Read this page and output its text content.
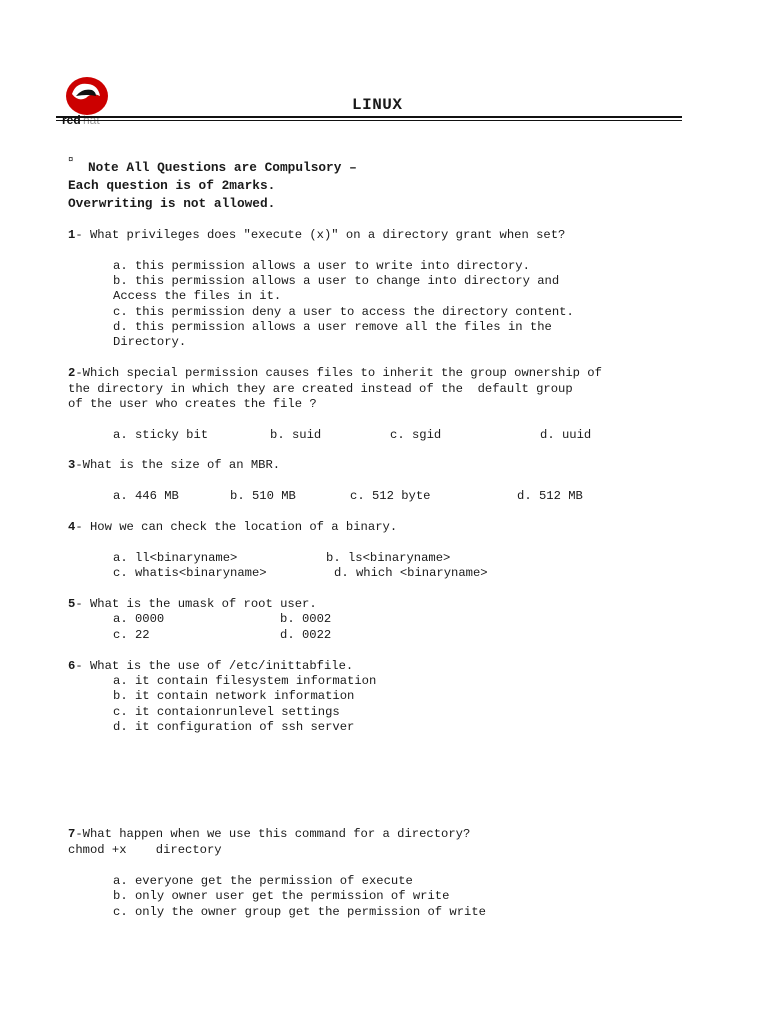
LINUX
¤ Note All Questions are Compulsory –
Each question is of 2marks.
Overwriting is not allowed.
1- What privileges does "execute (x)" on a directory grant when set?
a. this permission allows a user to write into directory.
b. this permission allows a user to change into directory and
Access the files in it.
c. this permission deny a user to access the directory content.
d. this permission allows a user remove all the files in the
Directory.
2-Which special permission causes files to inherit the group ownership of
the directory in which they are created instead of the  default group
of the user who creates the file ?
a. sticky bit	b. suid	c. sgid	d. uuid
3-What is the size of an MBR.
a. 446 MB	b. 510 MB	c. 512 byte	d. 512 MB
4- How we can check the location of a binary.
a. ll<binaryname>	b. ls<binaryname>
c. whatis<binaryname>	d. which <binaryname>
5- What is the umask of root user.
a. 0000	b. 0002
c. 22	d. 0022
6- What is the use of /etc/inittabfile.
a. it contain filesystem information
b. it contain network information
c. it contaionrunlevel settings
d. it configuration of ssh server
7-What happen when we use this command for a directory?
chmod +x    directory
a. everyone get the permission of execute
b. only owner user get the permission of write
c. only the owner group get the permission of write
